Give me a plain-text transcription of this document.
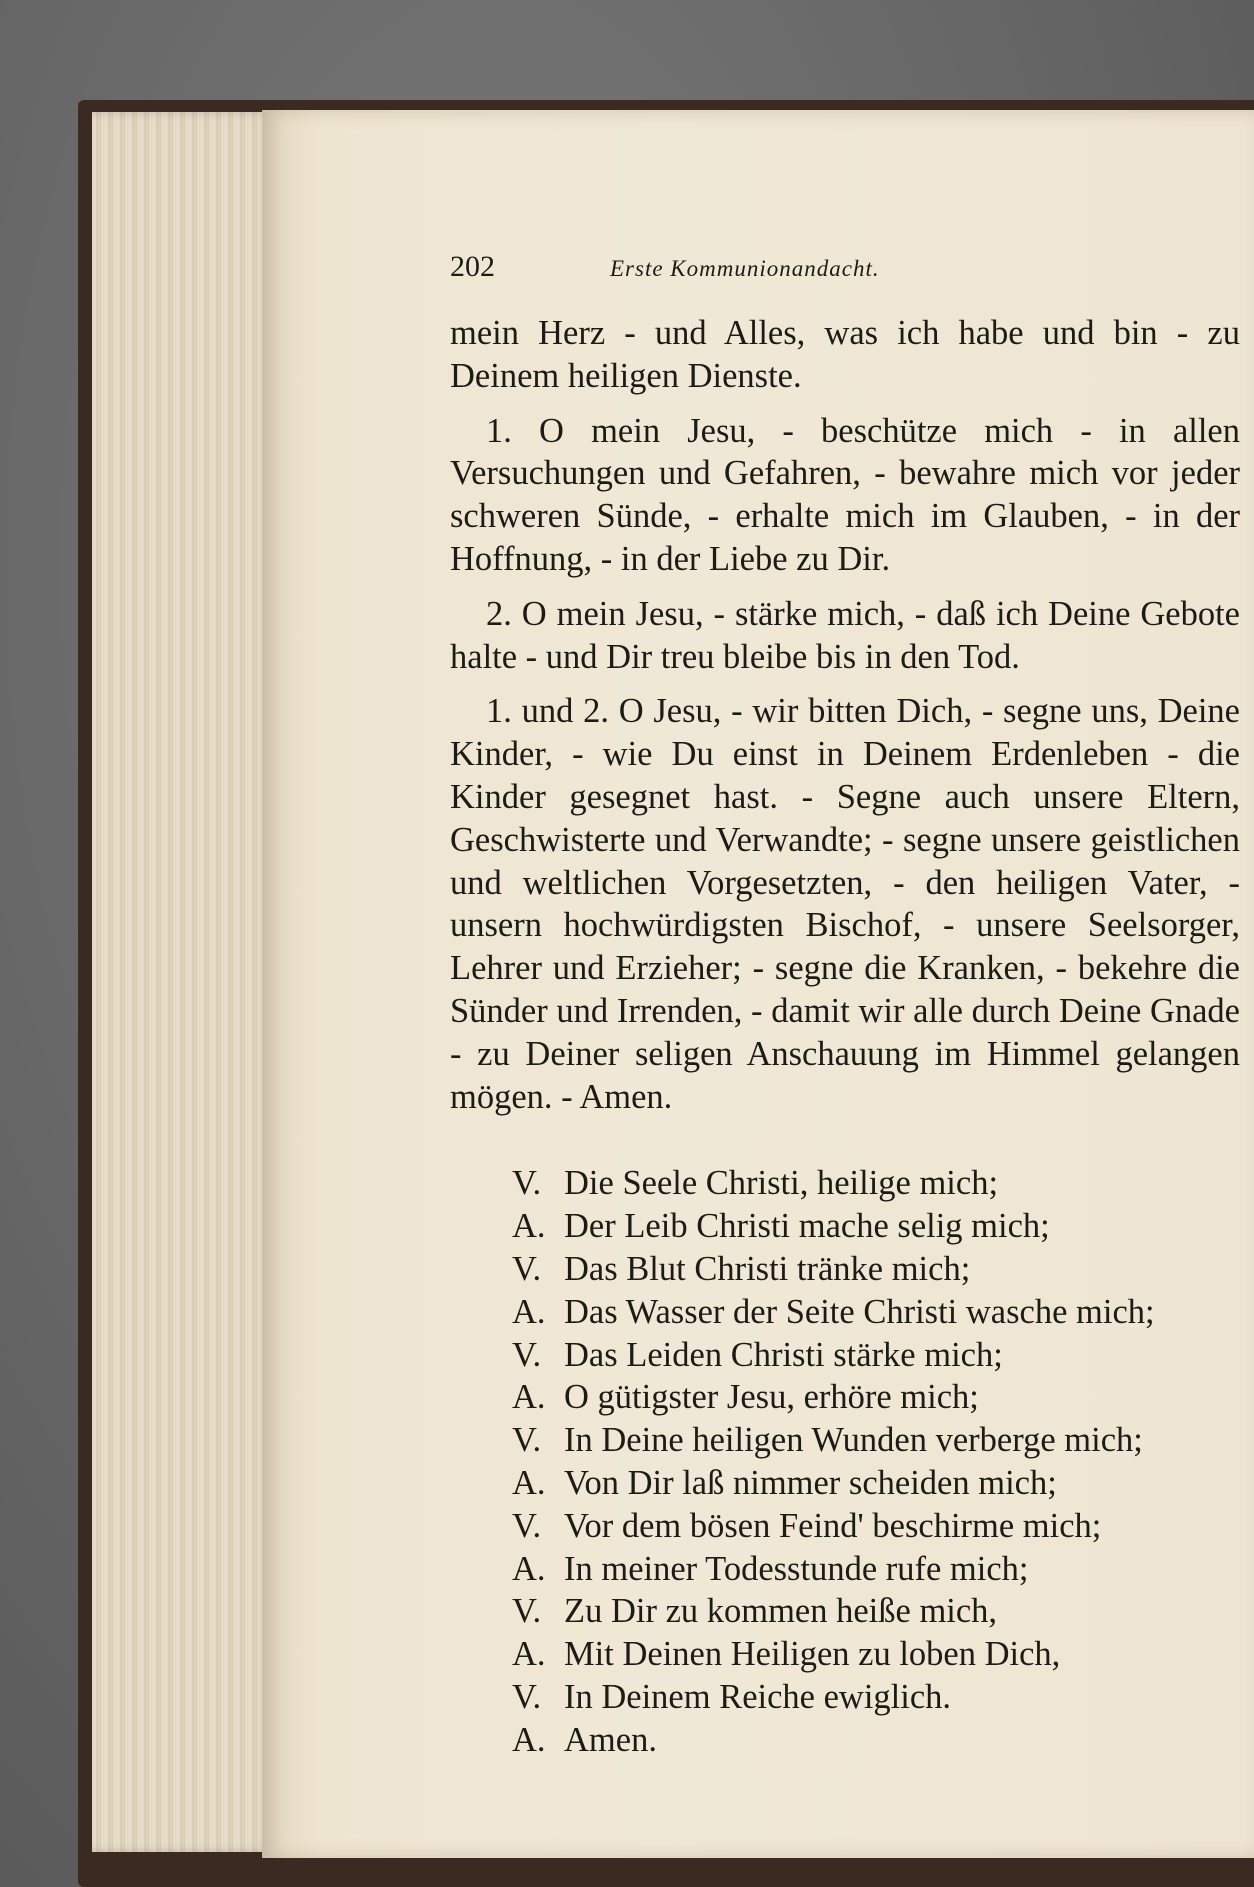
202	Erste Kommunionandacht.

mein Herz - und Alles, was ich habe und bin - zu Deinem heiligen Dienste.

1. O mein Jesu, - beschütze mich - in allen Versuchungen und Gefahren, - bewahre mich vor jeder schweren Sünde, - erhalte mich im Glauben, - in der Hoffnung, - in der Liebe zu Dir.

2. O mein Jesu, - stärke mich, - daß ich Deine Gebote halte - und Dir treu bleibe bis in den Tod.

1. und 2. O Jesu, - wir bitten Dich, - segne uns, Deine Kinder, - wie Du einst in Deinem Erdenleben - die Kinder gesegnet hast. - Segne auch unsere Eltern, Geschwisterte und Verwandte; - segne unsere geistlichen und weltlichen Vorgesetzten, - den heiligen Vater, - unsern hochwürdigsten Bischof, - unsere Seelsorger, Lehrer und Erzieher; - segne die Kranken, - bekehre die Sünder und Irrenden, - damit wir alle durch Deine Gnade - zu Deiner seligen Anschauung im Himmel gelangen mögen. - Amen.

V. Die Seele Christi, heilige mich;
A. Der Leib Christi mache selig mich;
V. Das Blut Christi tränke mich;
A. Das Wasser der Seite Christi wasche mich;
V. Das Leiden Christi stärke mich;
A. O gütigster Jesu, erhöre mich;
V. In Deine heiligen Wunden verberge mich;
A. Von Dir laß nimmer scheiden mich;
V. Vor dem bösen Feind' beschirme mich;
A. In meiner Todesstunde rufe mich;
V. Zu Dir zu kommen heiße mich,
A. Mit Deinen Heiligen zu loben Dich,
V. In Deinem Reiche ewiglich.
A. Amen.
